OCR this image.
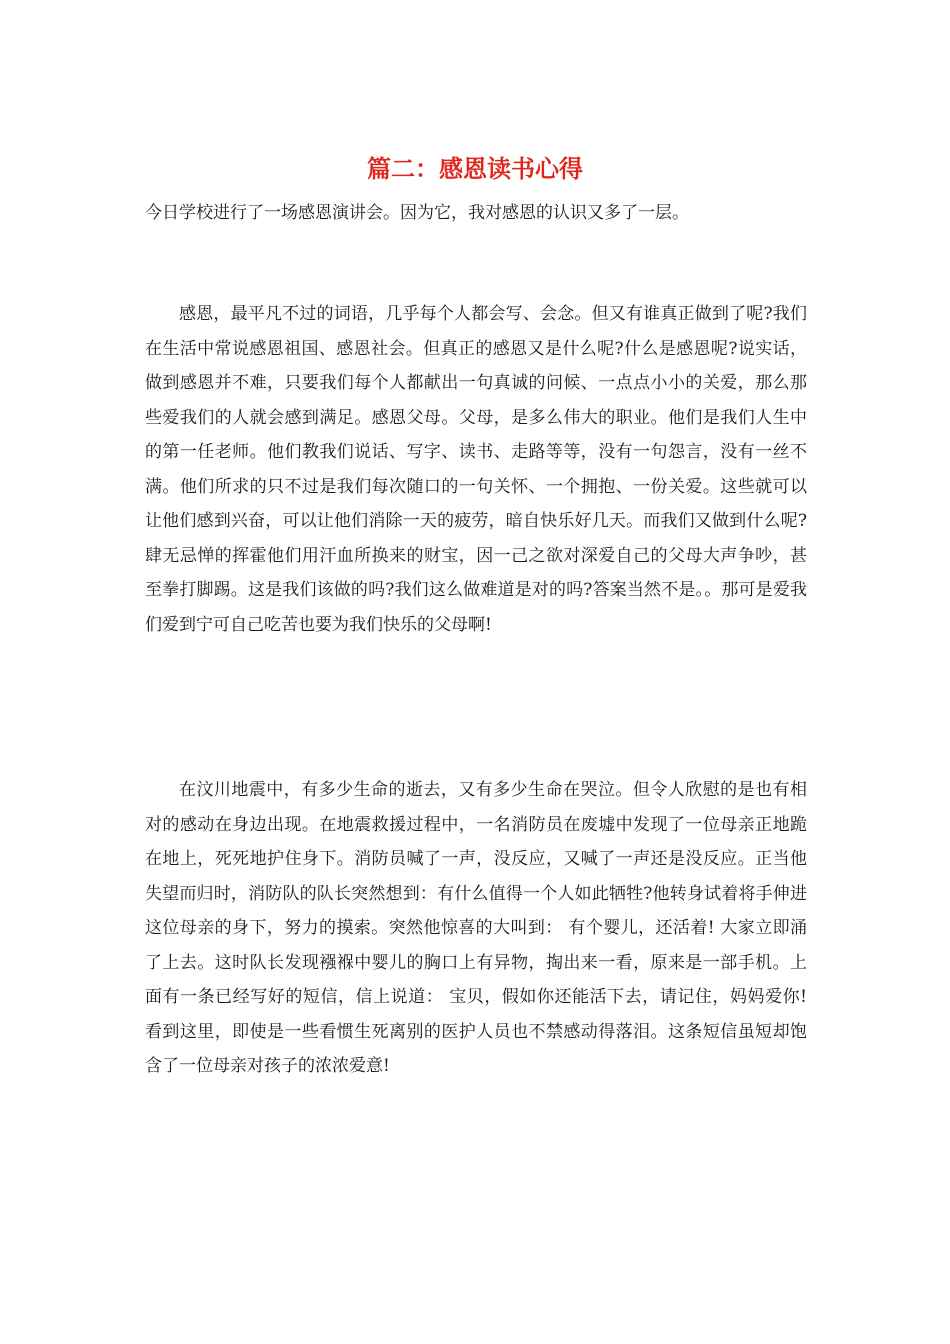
篇二：感恩读书心得

今日学校进行了一场感恩演讲会。因为它，我对感恩的认识又多了一层。

感恩，最平凡不过的词语，几乎每个人都会写、会念。但又有谁真正做到了呢?我们在生活中常说感恩祖国、感恩社会。但真正的感恩又是什么呢?什么是感恩呢?说实话，做到感恩并不难，只要我们每个人都献出一句真诚的问候、一点点小小的关爱，那么那些爱我们的人就会感到满足。感恩父母。父母，是多么伟大的职业。他们是我们人生中的第一任老师。他们教我们说话、写字、读书、走路等等，没有一句怨言，没有一丝不满。他们所求的只不过是我们每次随口的一句关怀、一个拥抱、一份关爱。这些就可以让他们感到兴奋，可以让他们消除一天的疲劳，暗自快乐好几天。而我们又做到什么呢?肆无忌惮的挥霍他们用汗血所换来的财宝，因一己之欲对深爱自己的父母大声争吵，甚至拳打脚踢。这是我们该做的吗?我们这么做难道是对的吗?答案当然不是。。那可是爱我们爱到宁可自己吃苦也要为我们快乐的父母啊!

在汶川地震中，有多少生命的逝去，又有多少生命在哭泣。但令人欣慰的是也有相对的感动在身边出现。在地震救援过程中，一名消防员在废墟中发现了一位母亲正地跪在地上，死死地护住身下。消防员喊了一声，没反应，又喊了一声还是没反应。正当他失望而归时，消防队的队长突然想到：有什么值得一个人如此牺牲?他转身试着将手伸进这位母亲的身下，努力的摸索。突然他惊喜的大叫到： 有个婴儿，还活着! 大家立即涌了上去。这时队长发现襁褓中婴儿的胸口上有异物，掏出来一看，原来是一部手机。上面有一条已经写好的短信，信上说道： 宝贝，假如你还能活下去，请记住，妈妈爱你! 看到这里，即使是一些看惯生死离别的医护人员也不禁感动得落泪。这条短信虽短却饱含了一位母亲对孩子的浓浓爱意!
